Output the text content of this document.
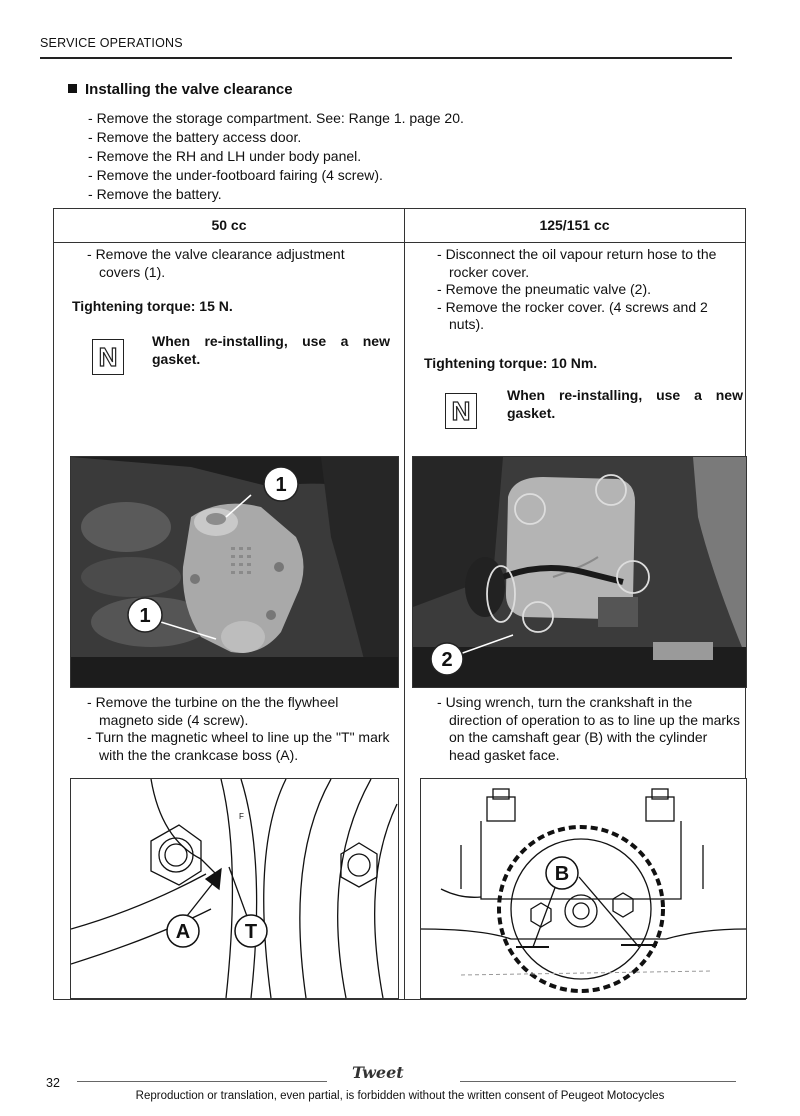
SERVICE OPERATIONS
Installing the valve clearance
- Remove the storage compartment. See: Range 1. page 20.
- Remove the battery access door.
- Remove the RH and LH under body panel.
- Remove the under-footboard fairing (4 screw).
- Remove the battery.
50 cc	125/151 cc
- Remove the valve clearance adjustment covers (1).
Tightening torque: 15 N.
N
When re-installing, use a new gasket.
1
1
- Remove the turbine on the the flywheel magneto side (4 screw).
- Turn the magnetic wheel to line up the "T" mark with the the crankcase boss (A).
F
A	T
- Disconnect the oil vapour return hose to the rocker cover.
- Remove the pneumatic valve (2).
- Remove the rocker cover. (4 screws and 2 nuts).
Tightening torque: 10 Nm.
N
When re-installing, use a new gasket.
2
- Using wrench, turn the crankshaft in the direction of operation to as to line up the marks on the camshaft gear (B) with the cylinder head gasket face.
B
32
Tweet
Reproduction or translation, even partial, is forbidden without the written consent of Peugeot Motocycles
